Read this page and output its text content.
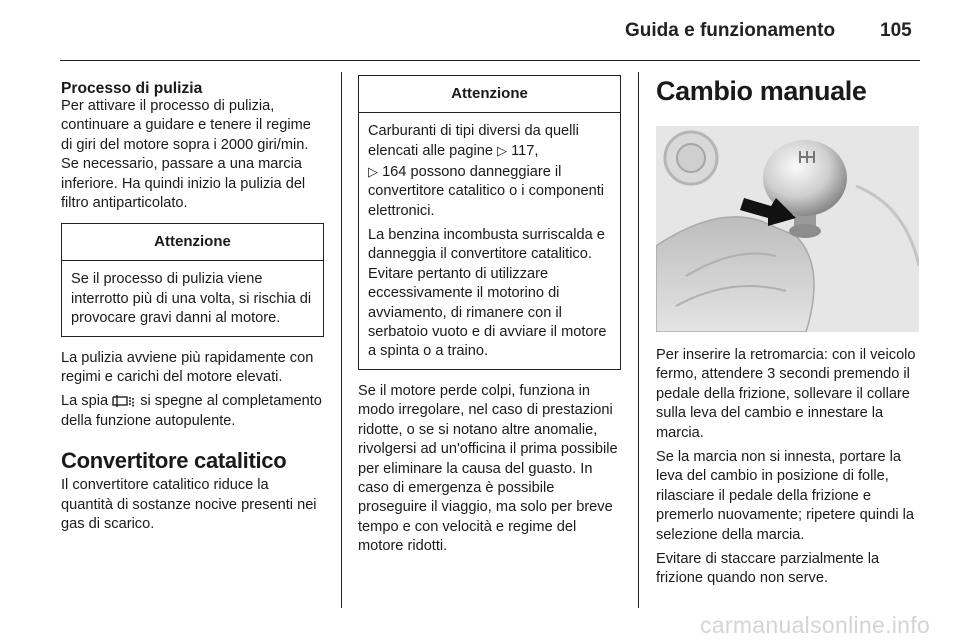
Guida e funzionamento 105
Processo di pulizia

Per attivare il processo di pulizia, continuare a guidare e tenere il regime di giri del motore sopra i 2000 giri/min. Se necessario, passare a una marcia inferiore. Ha quindi inizio la pulizia del filtro antiparticolato.

Attenzione

Se il processo di pulizia viene interrotto più di una volta, si rischia di provocare gravi danni al motore.

La pulizia avviene più rapidamente con regimi e carichi del motore elevati.

La spia si spegne al completamento della funzione autopulente.

Convertitore catalitico

Il convertitore catalitico riduce la quantità di sostanze nocive presenti nei gas di scarico.

Attenzione

Carburanti di tipi diversi da quelli elencati alle pagine ▷ 117,
▷ 164 possono danneggiare il convertitore catalitico o i componenti elettronici.

La benzina incombusta surriscalda e danneggia il convertitore catalitico. Evitare pertanto di utilizzare eccessivamente il motorino di avviamento, di rimanere con il serbatoio vuoto e di avviare il motore a spinta o a traino.

Se il motore perde colpi, funziona in modo irregolare, nel caso di prestazioni ridotte, o se si notano altre anomalie, rivolgersi ad un'officina il prima possibile per eliminare la causa del guasto. In caso di emergenza è possibile proseguire il viaggio, ma solo per breve tempo e con velocità e regime del motore ridotti.

Cambio manuale

Per inserire la retromarcia: con il veicolo fermo, attendere 3 secondi premendo il pedale della frizione, sollevare il collare sulla leva del cambio e innestare la marcia.

Se la marcia non si innesta, portare la leva del cambio in posizione di folle, rilasciare il pedale della frizione e premerlo nuovamente; ripetere quindi la selezione della marcia.

Evitare di staccare parzialmente la frizione quando non serve.

carmanualsonline.info
